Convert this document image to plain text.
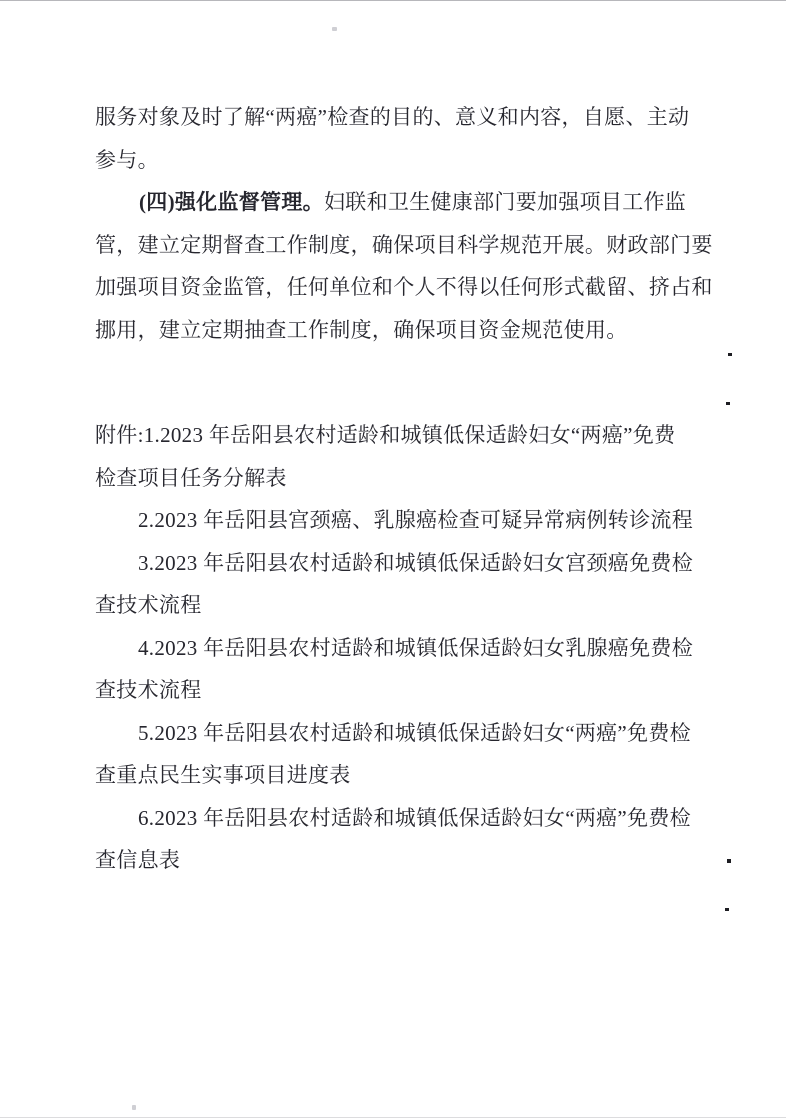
服务对象及时了解“两癌”检查的目的、意义和内容，自愿、主动
参与。
(四)强化监督管理。妇联和卫生健康部门要加强项目工作监
管，建立定期督查工作制度，确保项目科学规范开展。财政部门要
加强项目资金监管，任何单位和个人不得以任何形式截留、挤占和
挪用，建立定期抽查工作制度，确保项目资金规范使用。
附件:1.2023 年岳阳县农村适龄和城镇低保适龄妇女“两癌”免费
检查项目任务分解表
2.2023 年岳阳县宫颈癌、乳腺癌检查可疑异常病例转诊流程
3.2023 年岳阳县农村适龄和城镇低保适龄妇女宫颈癌免费检
查技术流程
4.2023 年岳阳县农村适龄和城镇低保适龄妇女乳腺癌免费检
查技术流程
5.2023 年岳阳县农村适龄和城镇低保适龄妇女“两癌”免费检
查重点民生实事项目进度表
6.2023 年岳阳县农村适龄和城镇低保适龄妇女“两癌”免费检
查信息表
